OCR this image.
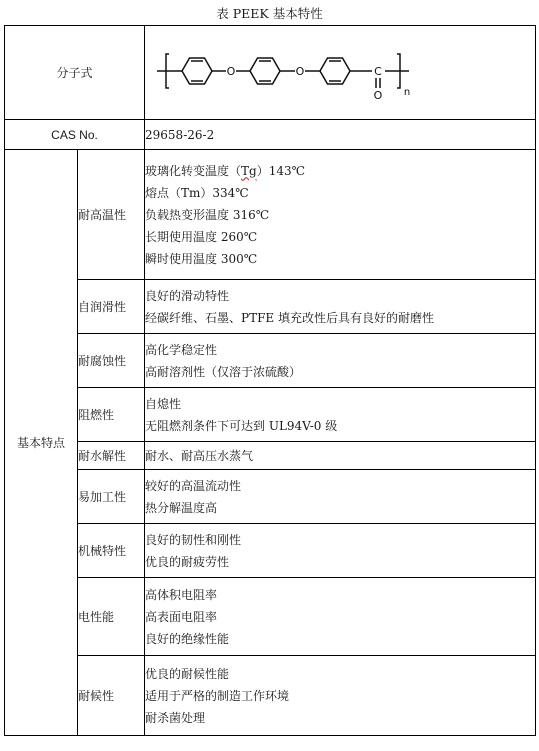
表 PEEK 基本特性
分子式		O O C
O n

CAS No.		29658-26-2
基本特点	耐高温性	玻璃化转变温度（Tg）143℃
熔点（Tm）334℃
负载热变形温度 316℃
长期使用温度 260℃
瞬时使用温度 300℃

	自润滑性	良好的滑动特性
经碳纤维、石墨、PTFE 填充改性后具有良好的耐磨性

	耐腐蚀性	高化学稳定性
高耐溶剂性（仅溶于浓硫酸）

	阻燃性	自熄性
无阻燃剂条件下可达到 UL94V-0 级

	耐水解性	耐水、耐高压水蒸气

	易加工性	较好的高温流动性
热分解温度高

	机械特性	良好的韧性和刚性
优良的耐疲劳性

	电性能	高体积电阻率
高表面电阻率
良好的绝缘性能

	耐候性	优良的耐候性能
适用于严格的制造工作环境
耐杀菌处理
